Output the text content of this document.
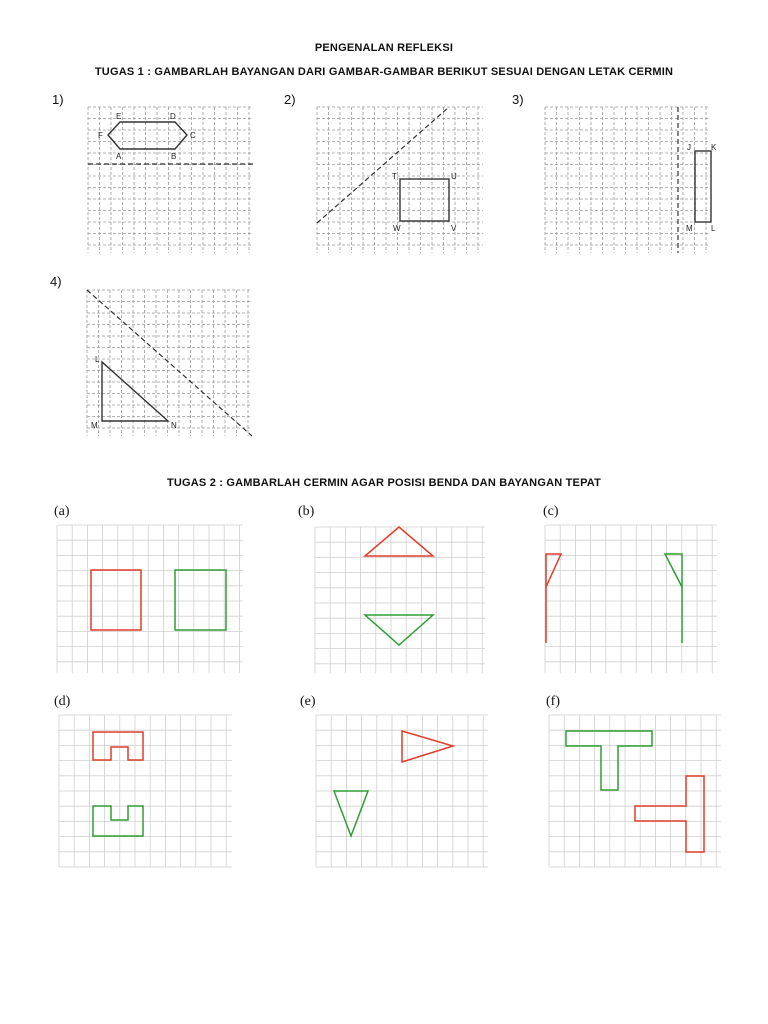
PENGENALAN REFLEKSI
TUGAS 1 : GAMBARLAH BAYANGAN DARI GAMBAR-GAMBAR BERIKUT SESUAI DENGAN LETAK CERMIN
1)	2)	3)
4)
E	D
F	C
A	B
T	U
W	V
J	K
M L
L
M	N
TUGAS 2 : GAMBARLAH CERMIN AGAR POSISI BENDA DAN BAYANGAN TEPAT
(a)	(b)	(c)
(d)	(e)	(f)
